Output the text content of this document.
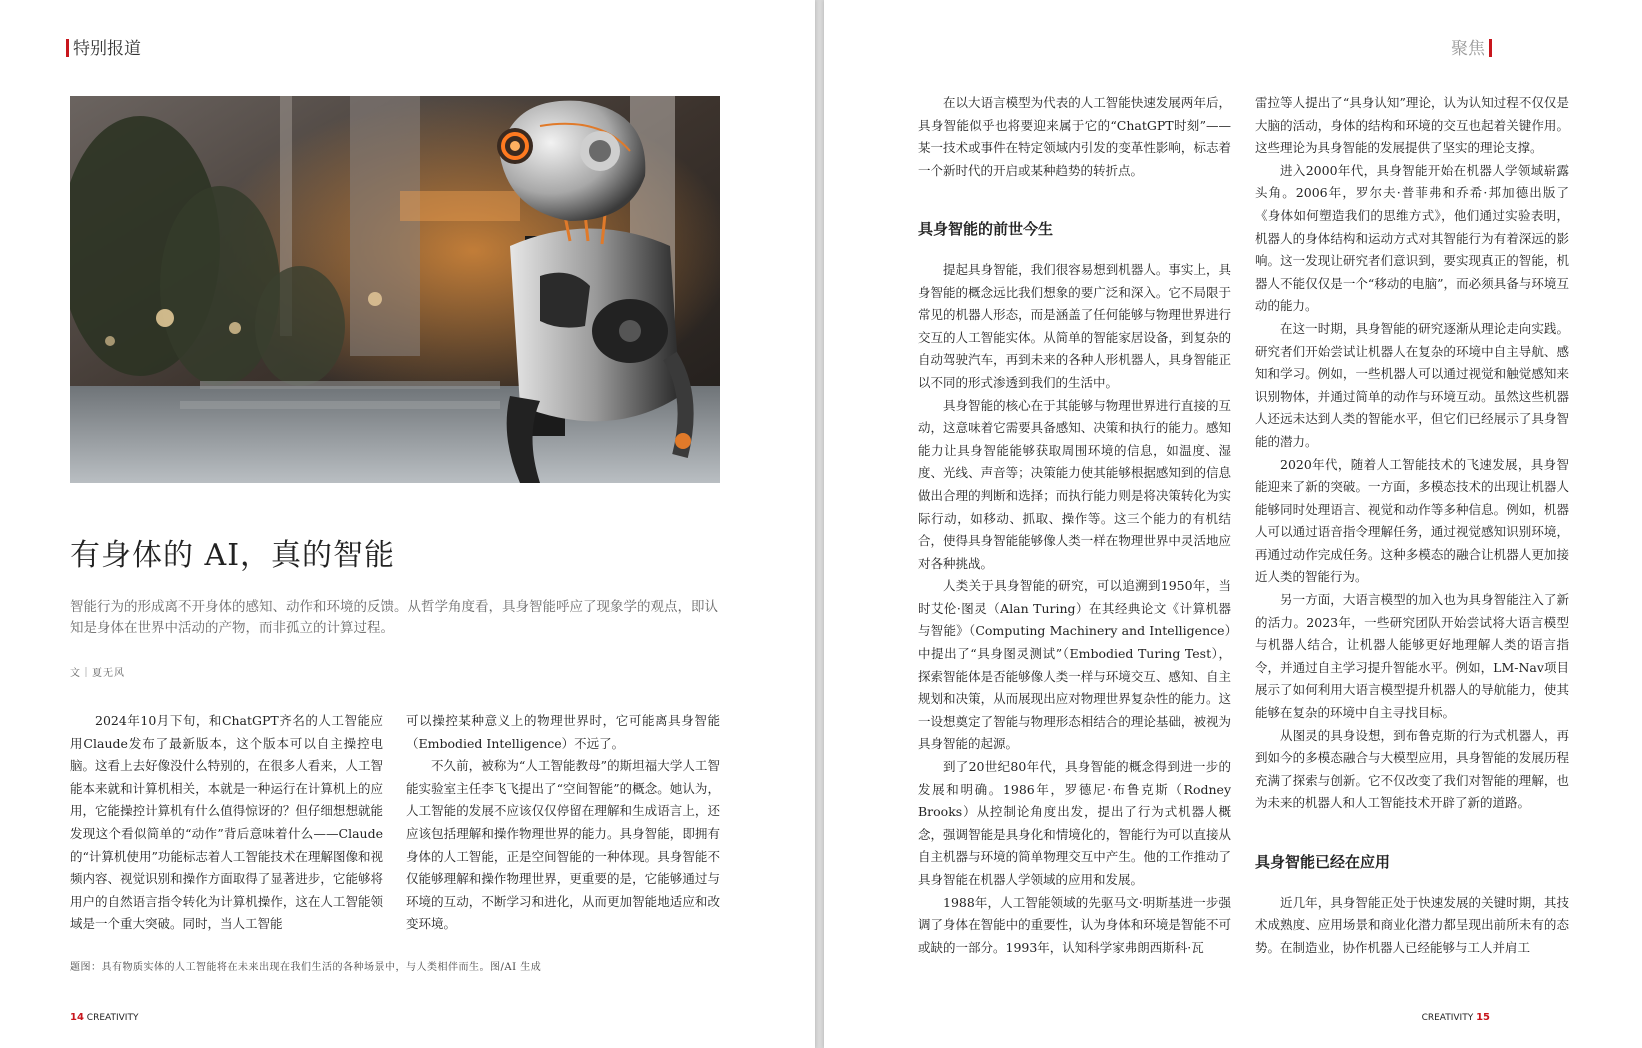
特别报道
有身体的 AI，真的智能

智能行为的形成离不开身体的感知、动作和环境的反馈。从哲学角度看，具身智能呼应了现象学的观点，即认知是身体在世界中活动的产物，而非孤立的计算过程。

文｜夏无风

2024年10月下旬，和ChatGPT齐名的人工智能应用Claude发布了最新版本，这个版本可以自主操控电脑。这看上去好像没什么特别的，在很多人看来，人工智能本来就和计算机相关，本就是一种运行在计算机上的应用，它能操控计算机有什么值得惊讶的？但仔细想想就能发现这个看似简单的“动作”背后意味着什么——Claude的“计算机使用”功能标志着人工智能技术在理解图像和视频内容、视觉识别和操作方面取得了显著进步，它能够将用户的自然语言指令转化为计算机操作，这在人工智能领域是一个重大突破。同时，当人工智能

可以操控某种意义上的物理世界时，它可能离具身智能（Embodied Intelligence）不远了。

不久前，被称为“人工智能教母”的斯坦福大学人工智能实验室主任李飞飞提出了“空间智能”的概念。她认为，人工智能的发展不应该仅仅停留在理解和生成语言上，还应该包括理解和操作物理世界的能力。具身智能，即拥有身体的人工智能，正是空间智能的一种体现。具身智能不仅能够理解和操作物理世界，更重要的是，它能够通过与环境的互动，不断学习和进化，从而更加智能地适应和改变环境。

题图：具有物质实体的人工智能将在未来出现在我们生活的各种场景中，与人类相伴而生。图/AI 生成
14 CREATIVITY
聚焦

在以大语言模型为代表的人工智能快速发展两年后，具身智能似乎也将要迎来属于它的“ChatGPT时刻”——某一技术或事件在特定领域内引发的变革性影响，标志着一个新时代的开启或某种趋势的转折点。

具身智能的前世今生

提起具身智能，我们很容易想到机器人。事实上，具身智能的概念远比我们想象的要广泛和深入。它不局限于常见的机器人形态，而是涵盖了任何能够与物理世界进行交互的人工智能实体。从简单的智能家居设备，到复杂的自动驾驶汽车，再到未来的各种人形机器人，具身智能正以不同的形式渗透到我们的生活中。

具身智能的核心在于其能够与物理世界进行直接的互动，这意味着它需要具备感知、决策和执行的能力。感知能力让具身智能能够获取周围环境的信息，如温度、湿度、光线、声音等；决策能力使其能够根据感知到的信息做出合理的判断和选择；而执行能力则是将决策转化为实际行动，如移动、抓取、操作等。这三个能力的有机结合，使得具身智能能够像人类一样在物理世界中灵活地应对各种挑战。

人类关于具身智能的研究，可以追溯到1950年，当时艾伦·图灵（Alan Turing）在其经典论文《计算机器与智能》（Computing Machinery and Intelligence）中提出了“具身图灵测试”（Embodied Turing Test），探索智能体是否能够像人类一样与环境交互、感知、自主规划和决策，从而展现出应对物理世界复杂性的能力。这一设想奠定了智能与物理形态相结合的理论基础，被视为具身智能的起源。

到了20世纪80年代，具身智能的概念得到进一步的发展和明确。1986年，罗德尼·布鲁克斯（Rodney Brooks）从控制论角度出发，提出了行为式机器人概念，强调智能是具身化和情境化的，智能行为可以直接从自主机器与环境的简单物理交互中产生。他的工作推动了具身智能在机器人学领域的应用和发展。

1988年，人工智能领域的先驱马文·明斯基进一步强调了身体在智能中的重要性，认为身体和环境是智能不可或缺的一部分。1993年，认知科学家弗朗西斯科·瓦

雷拉等人提出了“具身认知”理论，认为认知过程不仅仅是大脑的活动，身体的结构和环境的交互也起着关键作用。这些理论为具身智能的发展提供了坚实的理论支撑。

进入2000年代，具身智能开始在机器人学领域崭露头角。2006年，罗尔夫·普菲弗和乔希·邦加德出版了《身体如何塑造我们的思维方式》，他们通过实验表明，机器人的身体结构和运动方式对其智能行为有着深远的影响。这一发现让研究者们意识到，要实现真正的智能，机器人不能仅仅是一个“移动的电脑”，而必须具备与环境互动的能力。

在这一时期，具身智能的研究逐渐从理论走向实践。研究者们开始尝试让机器人在复杂的环境中自主导航、感知和学习。例如，一些机器人可以通过视觉和触觉感知来识别物体，并通过简单的动作与环境互动。虽然这些机器人还远未达到人类的智能水平，但它们已经展示了具身智能的潜力。

2020年代，随着人工智能技术的飞速发展，具身智能迎来了新的突破。一方面，多模态技术的出现让机器人能够同时处理语言、视觉和动作等多种信息。例如，机器人可以通过语音指令理解任务，通过视觉感知识别环境，再通过动作完成任务。这种多模态的融合让机器人更加接近人类的智能行为。

另一方面，大语言模型的加入也为具身智能注入了新的活力。2023年，一些研究团队开始尝试将大语言模型与机器人结合，让机器人能够更好地理解人类的语言指令，并通过自主学习提升智能水平。例如，LM-Nav项目展示了如何利用大语言模型提升机器人的导航能力，使其能够在复杂的环境中自主寻找目标。

从图灵的具身设想，到布鲁克斯的行为式机器人，再到如今的多模态融合与大模型应用，具身智能的发展历程充满了探索与创新。它不仅改变了我们对智能的理解，也为未来的机器人和人工智能技术开辟了新的道路。

具身智能已经在应用

近几年，具身智能正处于快速发展的关键时期，其技术成熟度、应用场景和商业化潜力都呈现出前所未有的态势。在制造业，协作机器人已经能够与工人并肩工

CREATIVITY 15
